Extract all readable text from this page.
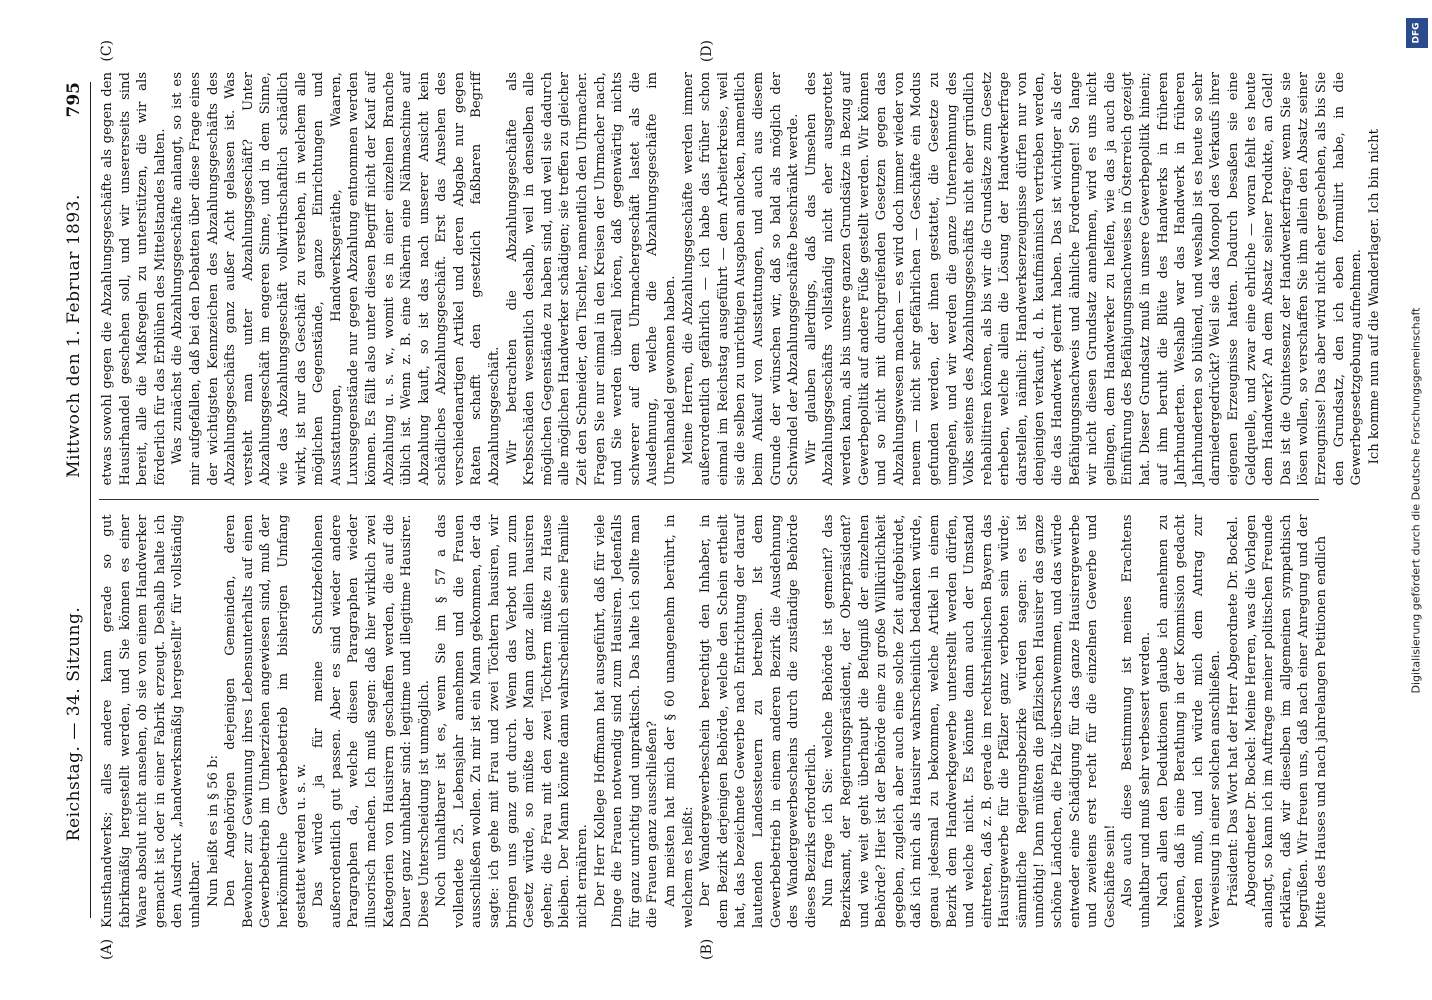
Reichstag. — 34. Sitzung.
Mittwoch den 1. Februar 1893.
795
(A)	(B)
(C)	(D)

Kunsthandwerks; alles andere kann gerade so gut fabrikmäßig hergestellt werden, und Sie können es einer Waare absolut nicht ansehen, ob sie von einem Handwerker gemacht ist oder in einer Fabrik erzeugt. Deshalb halte ich den Ausdruck „handwerksmäßig hergestellt“ für vollständig unhaltbar. Nun heißt es in § 56 b: Den Angehörigen derjenigen Gemeinden, deren Bewohner zur Gewinnung ihres Lebensunterhalts auf einen Gewerbebetrieb im Umherziehen angewiesen sind, muß der herkömmliche Gewerbebetrieb im bisherigen Umfang gestattet werden u. s. w. Das würde ja für meine Schutzbefohlenen außerordentlich gut passen. Aber es sind wieder andere Paragraphen da, welche diesen Paragraphen wieder illusorisch machen. Ich muß sagen: daß hier wirklich zwei Kategorien von Hausirern geschaffen werden, die auf die Dauer ganz unhaltbar sind: legitime und illegitime Hausirer. Diese Unterscheidung ist unmöglich. Noch unhaltbarer ist es, wenn Sie im § 57 a das vollendete 25. Lebensjahr annehmen und die Frauen ausschließen wollen. Zu mir ist ein Mann gekommen, der da sagte: ich gehe mit Frau und zwei Töchtern hausiren, wir bringen uns ganz gut durch. Wenn das Verbot nun zum Gesetz würde, so müßte der Mann ganz allein hausiren gehen; die Frau mit den zwei Töchtern müßte zu Hause bleiben. Der Mann könnte dann wahrscheinlich seine Familie nicht ernähren. Der Herr Kollege Hoffmann hat ausgeführt, daß für viele Dinge die Frauen notwendig sind zum Hausiren. Jedenfalls für ganz unrichtig und unpraktisch. Das halte ich sollte man die Frauen ganz ausschließen? Am meisten hat mich der § 60 unangenehm berührt, in welchem es heißt: Der Wandergewerbeschein berechtigt den Inhaber, in dem Bezirk derjenigen Behörde, welche den Schein ertheilt hat, das bezeichnete Gewerbe nach Entrichtung der darauf lautenden Landessteuern zu betreiben. Ist dem Gewerbebetrieb in einem anderen Bezirk die Ausdehnung des Wandergewerbescheins durch die zuständige Behörde dieses Bezirks erforderlich. Nun frage ich Sie: welche Behörde ist gemeint? das Bezirksamt, der Regierungspräsident, der Oberpräsident? und wie weit geht überhaupt die Befugniß der einzelnen Behörde? Hier ist der Behörde eine zu große Willkürlichkeit gegeben, zugleich aber auch eine solche Zeit aufgebürdet, daß ich mich als Hausirer wahrscheinlich bedanken würde, genau jedesmal zu bekommen, welche Artikel in einem Bezirk dem Handwerkgewerbe unterstellt werden dürfen, und welche nicht. Es könnte dann auch der Umstand eintreten, daß z. B. gerade im rechtsrheinischen Bayern das Hausirgewerbe für die Pfälzer ganz verboten sein würde; sämmtliche Regierungsbezirke würden sagen: es ist unnöthig! Dann müßten die pfälzischen Hausirer das ganze schöne Ländchen, die Pfalz überschwemmen, und das würde entweder eine Schädigung für das ganze Hausirergewerbe und zweitens erst recht für die einzelnen Gewerbe und Geschäfte sein! Also auch diese Bestimmung ist meines Erachtens unhaltbar und muß sehr verbessert werden. Nach allen den Deduktionen glaube ich annehmen zu können, daß in eine Berathung in der Kommission gedacht werden muß, und ich würde mich dem Antrag zur Verweisung in einer solchen anschließen. Präsident: Das Wort hat der Herr Abgeordnete Dr. Bockel. Abgeordneter Dr. Bockel: Meine Herren, was die Vorlagen anlangt, so kann ich im Auftrage meiner politischen Freunde erklären, daß wir dieselben im allgemeinen sympathisch begrüßen. Wir freuen uns, daß nach einer Anregung und der Mitte des Hauses und nach jahrelangen Petitionen endlich

etwas sowohl gegen die Abzahlungsgeschäfte als gegen den Hausirhandel geschehen soll, und wir unsererseits sind bereit, alle die Maßregeln zu unterstützen, die wir als förderlich für das Erblühen des Mittelstandes halten. Was zunächst die Abzahlungsgeschäfte anlangt, so ist es mir aufgefallen, daß bei den Debatten über diese Frage eines der wichtigsten Kennzeichen des Abzahlungsgeschäfts des Abzahlungsgeschäfts ganz außer Acht gelassen ist. Was versteht man unter Abzahlungsgeschäft? Unter Abzahlungsgeschäft im engeren Sinne, und in dem Sinne, wie das Abzahlungsgeschäft vollwirthschaftlich schädlich wirkt, ist nur das Geschäft zu verstehen, in welchem alle möglichen Gegenstände, ganze Einrichtungen und Ausstattungen, Handwerksgeräthe, Waaren, Luxusgegenstände nur gegen Abzahlung entnommen werden können. Es fällt also unter diesen Begriff nicht der Kauf auf Abzahlung u. s. w., womit es in einer einzelnen Branche üblich ist. Wenn z. B. eine Näherin eine Nähmaschine auf Abzahlung kauft, so ist das nach unserer Ansicht kein schädliches Abzahlungsgeschäft. Erst das Ansehen des verschiedenartigen Artikel und deren Abgabe nur gegen Raten schafft den gesetzlich faßbaren Begriff Abzahlungsgeschäft. Wir betrachten die Abzahlungsgeschäfte als Krebsschäden wesentlich deshalb, weil in denselben alle möglichen Gegenstände zu haben sind, und weil sie dadurch alle möglichen Handwerker schädigen; sie treffen zu gleicher Zeit den Schneider, den Tischler, namentlich den Uhrmacher. Fragen Sie nur einmal in den Kreisen der Uhrmacher nach, und Sie werden überall hören, daß gegenwärtig nichts schwerer auf dem Uhrmachergeschäft lastet als die Ausdehnung, welche die Abzahlungsgeschäfte im Uhrenhandel gewonnen haben. Meine Herren, die Abzahlungsgeschäfte werden immer außerordentlich gefährlich — ich habe das früher schon einmal im Reichstag ausgeführt — dem Arbeiterkreise, weil sie die selben zu unrichtigen Ausgaben anlocken, namentlich beim Ankauf von Ausstattungen, und auch aus diesem Grunde der wünschen wir, daß so bald als möglich der Schwindel der Abzahlungsgeschäfte beschränkt werde. Wir glauben allerdings, daß das Umsehen des Abzahlungsgeschäfts vollständig nicht eher ausgerottet werden kann, als bis unsere ganzen Grundsätze in Bezug auf Gewerbepolitik auf andere Füße gestellt werden. Wir können und so nicht mit durchgreifenden Gesetzen gegen das Abzahlungswesen machen — es wird doch immer wieder von neuem — nicht sehr gefährlichen — Geschäfte ein Modus gefunden werden, der ihnen gestattet, die Gesetze zu umgehen, und wir werden die ganze Unternehmung des Volks seitens des Abzahlungsgeschäfts nicht eher gründlich rehabilitiren können, als bis wir die Grundsätze zum Gesetz erheben, welche allein die Lösung der Handwerkerfrage darstellen, nämlich: Handwerkserzeugnisse dürfen nur von denjenigen verkauft, d. h. kaufmännisch vertrieben werden, die das Handwerk gelernt haben. Das ist wichtiger als der Befähigungsnachweis und ähnliche Forderungen! So lange wir nicht diesen Grundsatz annehmen, wird es uns nicht gelingen, dem Handwerker zu helfen, wie das ja auch die Einführung des Befähigungsnachweises in Österreich gezeigt hat. Dieser Grundsatz muß in unsere Gewerbepolitik hinein; auf ihm beruht die Blüte des Handwerks in früheren Jahrhunderten. Weshalb war das Handwerk in früheren Jahrhunderten so blühend, und weshalb ist es heute so sehr darniedergedrückt? Weil sie das Monopol des Verkaufs ihrer eigenen Erzeugnisse hatten. Dadurch besaßen sie eine Geldquelle, und zwar eine ehrliche — woran fehlt es heute dem Handwerk? An dem Absatz seiner Produkte, an Geld! Das ist die Quintessenz der Handwerkerfrage; wenn Sie sie lösen wollen, so verschaffen Sie ihm allein den Absatz seiner Erzeugnisse! Das aber wird nicht eher geschehen, als bis Sie den Grundsatz, den ich eben formulirt habe, in die Gewerbegesetzgebung aufnehmen. Ich komme nun auf die Wanderlager. Ich bin nicht

DFG
Digitalisierung gefördert durch die Deutsche Forschungsgemeinschaft
